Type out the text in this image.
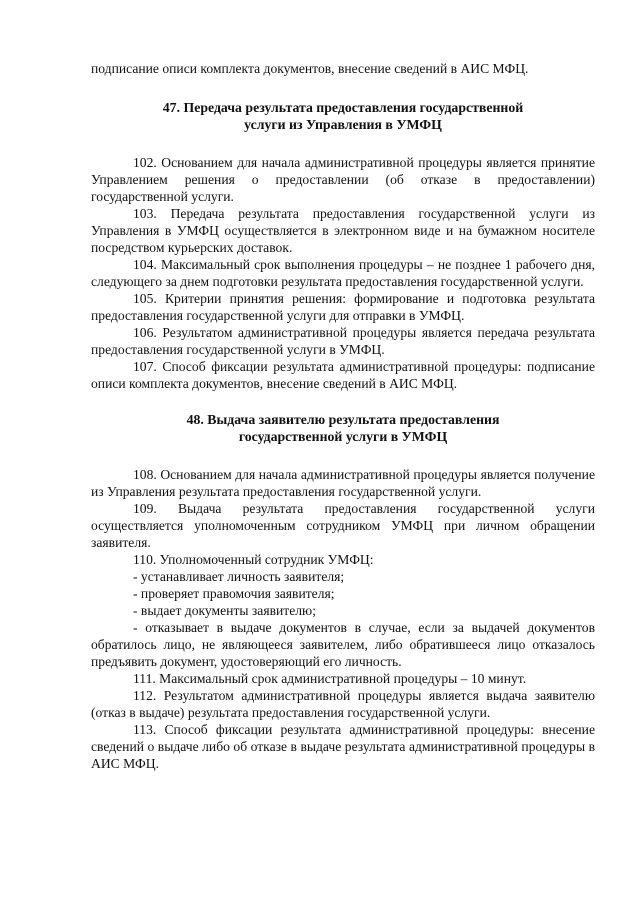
подписание описи комплекта документов, внесение сведений в АИС МФЦ.

47. Передача результата предоставления государственной
услуги из Управления в УМФЦ

102. Основанием для начала административной процедуры является принятие Управлением решения о предоставлении (об отказе в предоставлении) государственной услуги.

103. Передача результата предоставления государственной услуги из Управления в УМФЦ осуществляется в электронном виде и на бумажном носителе посредством курьерских доставок.

104. Максимальный срок выполнения процедуры – не позднее 1 рабочего дня, следующего за днем подготовки результата предоставления государственной услуги.

105. Критерии принятия решения: формирование и подготовка результата предоставления государственной услуги для отправки в УМФЦ.

106. Результатом административной процедуры является передача результата предоставления государственной услуги в УМФЦ.

107. Способ фиксации результата административной процедуры: подписание описи комплекта документов, внесение сведений в АИС МФЦ.

48. Выдача заявителю результата предоставления
государственной услуги в УМФЦ

108. Основанием для начала административной процедуры является получение из Управления результата предоставления государственной услуги.

109. Выдача результата предоставления государственной услуги осуществляется уполномоченным сотрудником УМФЦ при личном обращении заявителя.

110. Уполномоченный сотрудник УМФЦ:

- устанавливает личность заявителя;

- проверяет правомочия заявителя;

- выдает документы заявителю;

- отказывает в выдаче документов в случае, если за выдачей документов обратилось лицо, не являющееся заявителем, либо обратившееся лицо отказалось предъявить документ, удостоверяющий его личность.

111. Максимальный срок административной процедуры – 10 минут.

112. Результатом административной процедуры является выдача заявителю (отказ в выдаче) результата предоставления государственной услуги.

113. Способ фиксации результата административной процедуры: внесение сведений о выдаче либо об отказе в выдаче результата административной процедуры в АИС МФЦ.
